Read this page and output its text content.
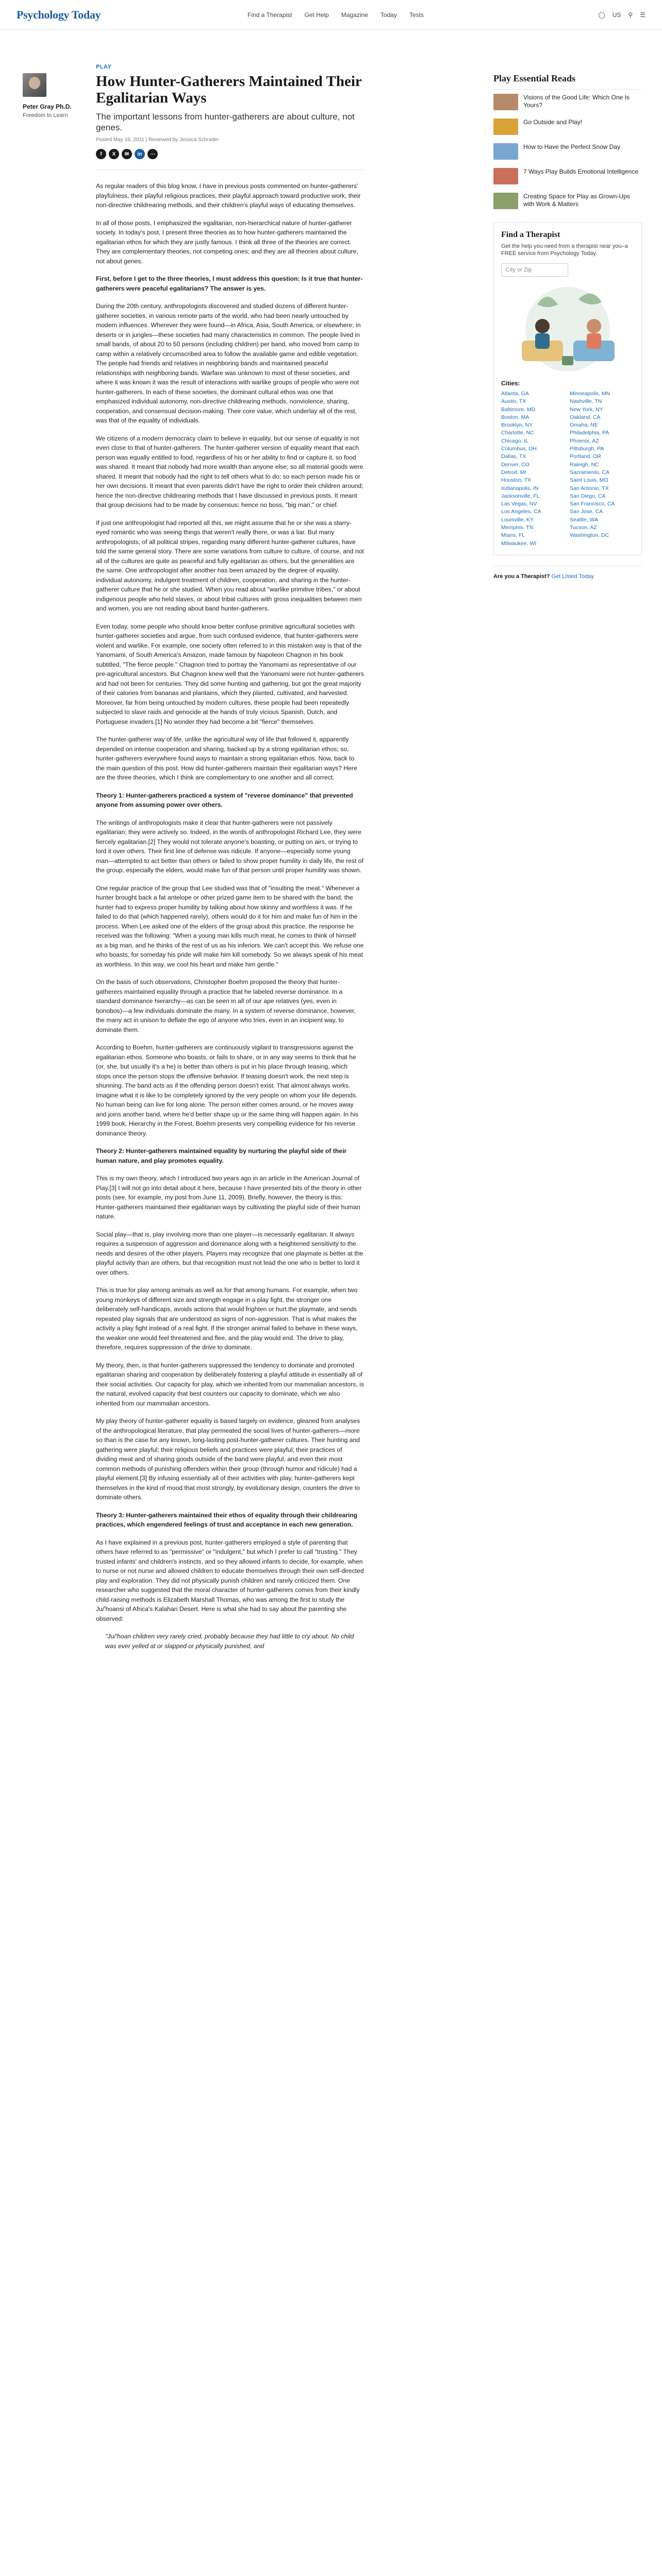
Psychology Today	Find a Therapist Get Help Magazine Today Tests	◯ US ⚲ ☰
Peter Gray Ph.D.
Freedom to Learn
PLAY
How Hunter-Gatherers Maintained Their Egalitarian Ways
The important lessons from hunter-gatherers are about culture, not genes.
Posted May 16, 2011 | Reviewed by Jessica Schrader
f	X	✉	in	⋯

As regular readers of this blog know, I have in previous posts commented on hunter-gatherers' playfulness, their playful religious practices, their playful approach toward productive work, their non-directive childrearing methods, and their children's playful ways of educating themselves.

In all of those posts, I emphasized the egalitarian, non-hierarchical nature of hunter-gatherer society. In today's post, I present three theories as to how hunter-gatherers maintained the egalitarian ethos for which they are justly famous. I think all three of the theories are correct. They are complementary theories, not competing ones; and they are all theories about culture, not about genes.

First, before I get to the three theories, I must address this question: Is it true that hunter-gatherers were peaceful egalitarians? The answer is yes.

During the 20th century, anthropologists discovered and studied dozens of different hunter-gatherer societies, in various remote parts of the world, who had been nearly untouched by modern influences. Wherever they were found—in Africa, Asia, South America, or elsewhere; in deserts or in jungles—these societies had many characteristics in common. The people lived in small bands, of about 20 to 50 persons (including children) per band, who moved from camp to camp within a relatively circumscribed area to follow the available game and edible vegetation. The people had friends and relatives in neighboring bands and maintained peaceful relationships with neighboring bands. Warfare was unknown to most of these societies, and where it was known it was the result of interactions with warlike groups of people who were not hunter-gatherers. In each of these societies, the dominant cultural ethos was one that emphasized individual autonomy, non-directive childrearing methods, nonviolence, sharing, cooperation, and consensual decision-making. Their core value, which underlay all of the rest, was that of the equality of individuals.

We citizens of a modern democracy claim to believe in equality, but our sense of equality is not even close to that of hunter-gatherers. The hunter-gatherer version of equality meant that each person was equally entitled to food, regardless of his or her ability to find or capture it, so food was shared. It meant that nobody had more wealth than anyone else; so all material goods were shared. It meant that nobody had the right to tell others what to do; so each person made his or her own decisions. It meant that even parents didn't have the right to order their children around; hence the non-directive childrearing methods that I have discussed in previous posts. It meant that group decisions had to be made by consensus; hence no boss, "big man," or chief.

If just one anthropologist had reported all this, we might assume that he or she was a starry-eyed romantic who was seeing things that weren't really there, or was a liar. But many anthropologists, of all political stripes, regarding many different hunter-gatherer cultures, have told the same general story. There are some variations from culture to culture, of course, and not all of the cultures are quite as peaceful and fully egalitarian as others, but the generalities are the same. One anthropologist after another has been amazed by the degree of equality, individual autonomy, indulgent treatment of children, cooperation, and sharing in the hunter-gatherer culture that he or she studied. When you read about "warlike primitive tribes," or about indigenous people who held slaves, or about tribal cultures with gross inequalities between men and women, you are not reading about band hunter-gatherers.

Even today, some people who should know better confuse primitive agricultural societies with hunter-gatherer societies and argue, from such confused evidence, that hunter-gatherers were violent and warlike. For example, one society often referred to in this mistaken way is that of the Yanomami, of South America's Amazon, made famous by Napoleon Chagnon in his book subtitled, "The fierce people." Chagnon tried to portray the Yanomami as representative of our pre-agricultural ancestors. But Chagnon knew well that the Yanomami were not hunter-gatherers and had not been for centuries. They did some hunting and gathering, but got the great majority of their calories from bananas and plantains, which they planted, cultivated, and harvested. Moreover, far from being untouched by modern cultures, these people had been repeatedly subjected to slave raids and genocide at the hands of truly vicious Spanish, Dutch, and Portuguese invaders.[1] No wonder they had become a bit "fierce" themselves.

The hunter-gatherer way of life, unlike the agricultural way of life that followed it, apparently depended on intense cooperation and sharing, backed up by a strong egalitarian ethos; so, hunter-gatherers everywhere found ways to maintain a strong egalitarian ethos. Now, back to the main question of this post. How did hunter-gatherers maintain their egalitarian ways? Here are the three theories, which I think are complementary to one another and all correct.

Theory 1: Hunter-gatherers practiced a system of "reverse dominance" that prevented anyone from assuming power over others.

The writings of anthropologists make it clear that hunter-gatherers were not passively egalitarian; they were actively so. Indeed, in the words of anthropologist Richard Lee, they were fiercely egalitarian.[2] They would not tolerate anyone's boasting, or putting on airs, or trying to lord it over others. Their first line of defense was ridicule. If anyone—especially some young man—attempted to act better than others or failed to show proper humility in daily life, the rest of the group, especially the elders, would make fun of that person until proper humility was shown.

One regular practice of the group that Lee studied was that of "insulting the meat." Whenever a hunter brought back a fat antelope or other prized game item to be shared with the band, the hunter had to express proper humility by talking about how skinny and worthless it was. If he failed to do that (which happened rarely), others would do it for him and make fun of him in the process. When Lee asked one of the elders of the group about this practice, the response he received was the following: "When a young man kills much meat, he comes to think of himself as a big man, and he thinks of the rest of us as his inferiors. We can't accept this. We refuse one who boasts, for someday his pride will make him kill somebody. So we always speak of his meat as worthless. In this way, we cool his heart and make him gentle."

On the basis of such observations, Christopher Boehm proposed the theory that hunter-gatherers maintained equality through a practice that he labeled reverse dominance. In a standard dominance hierarchy—as can be seen in all of our ape relatives (yes, even in bonobos)—a few individuals dominate the many. In a system of reverse dominance, however, the many act in unison to deflate the ego of anyone who tries, even in an incipient way, to dominate them.

According to Boehm, hunter-gatherers are continuously vigilant to transgressions against the egalitarian ethos. Someone who boasts, or fails to share, or in any way seems to think that he (or, she, but usually it's a he) is better than others is put in his place through teasing, which stops once the person stops the offensive behavior. If teasing doesn't work, the next step is shunning. The band acts as if the offending person doesn't exist. That almost always works. Imagine what it is like to be completely ignored by the very people on whom your life depends. No human being can live for long alone. The person either comes around, or he moves away and joins another band, where he'd better shape up or the same thing will happen again. In his 1999 book, Hierarchy in the Forest, Boehm presents very compelling evidence for his reverse dominance theory.

Theory 2: Hunter-gatherers maintained equality by nurturing the playful side of their human nature, and play promotes equality.

This is my own theory, which I introduced two years ago in an article in the American Journal of Play.[3] I will not go into detail about it here, because I have presented bits of the theory in other posts (see, for example, my post from June 11, 2009). Briefly, however, the theory is this: Hunter-gatherers maintained their egalitarian ways by cultivating the playful side of their human nature.

Social play—that is, play involving more than one player—is necessarily egalitarian. It always requires a suspension of aggression and dominance along with a heightened sensitivity to the needs and desires of the other players. Players may recognize that one playmate is better at the playful activity than are others, but that recognition must not lead the one who is better to lord it over others.

This is true for play among animals as well as for that among humans. For example, when two young monkeys of different size and strength engage in a play fight, the stronger one deliberately self-handicaps, avoids actions that would frighten or hurt the playmate, and sends repeated play signals that are understood as signs of non-aggression. That is what makes the activity a play fight instead of a real fight. If the stronger animal failed to behave in these ways, the weaker one would feel threatened and flee, and the play would end. The drive to play, therefore, requires suppression of the drive to dominate.

My theory, then, is that hunter-gatherers suppressed the tendency to dominate and promoted egalitarian sharing and cooperation by deliberately fostering a playful attitude in essentially all of their social activities. Our capacity for play, which we inherited from our mammalian ancestors, is the natural, evolved capacity that best counters our capacity to dominate, which we also inherited from our mammalian ancestors.

My play theory of hunter-gatherer equality is based largely on evidence, gleaned from analyses of the anthropological literature, that play permeated the social lives of hunter-gatherers—more so than is the case for any known, long-lasting post-hunter-gatherer cultures. Their hunting and gathering were playful; their religious beliefs and practices were playful; their practices of dividing meat and of sharing goods outside of the band were playful, and even their most common methods of punishing offenders within their group (through humor and ridicule) had a playful element.[3] By infusing essentially all of their activities with play, hunter-gatherers kept themselves in the kind of mood that most strongly, by evolutionary design, counters the drive to dominate others.

Theory 3: Hunter-gatherers maintained their ethos of equality through their childrearing practices, which engendered feelings of trust and acceptance in each new generation.

As I have explained in a previous post, hunter-gatherers employed a style of parenting that others have referred to as "permissive" or "indulgent," but which I prefer to call "trusting." They trusted infants' and children's instincts, and so they allowed infants to decide, for example, when to nurse or not nurse and allowed children to educate themselves through their own self-directed play and exploration. They did not physically punish children and rarely criticized them. One researcher who suggested that the moral character of hunter-gatherers comes from their kindly child-raising methods is Elizabeth Marshall Thomas, who was among the first to study the Ju/'hoansi of Africa's Kalahari Desert. Here is what she had to say about the parenting she observed:

"Ju/'hoan children very rarely cried, probably because they had little to cry about. No child was ever yelled at or slapped or physically punished, and

Play Essential Reads
Visions of the Good Life: Which One Is Yours?
Go Outside and Play!
How to Have the Perfect Snow Day
7 Ways Play Builds Emotional Intelligence
Creating Space for Play as Grown-Ups with Work & Matters
Find a Therapist
Get the help you need from a therapist near you–a FREE service from Psychology Today.
City or Zip
Cities:
Atlanta, GA	Minneapolis, MN
Austin, TX	Nashville, TN
Baltimore, MD	New York, NY
Boston, MA	Oakland, CA
Brooklyn, NY	Omaha, NE
Charlotte, NC	Philadelphia, PA
Chicago, IL	Phoenix, AZ
Columbus, OH	Pittsburgh, PA
Dallas, TX	Portland, OR
Denver, CO	Raleigh, NC
Detroit, MI	Sacramento, CA
Houston, TX	Saint Louis, MO
Indianapolis, IN	San Antonio, TX
Jacksonville, FL	San Diego, CA
Las Vegas, NV	San Francisco, CA
Los Angeles, CA	San Jose, CA
Louisville, KY	Seattle, WA
Memphis, TN	Tucson, AZ
Miami, FL	Washington, DC
Milwaukee, WI
Are you a Therapist? Get Listed Today
